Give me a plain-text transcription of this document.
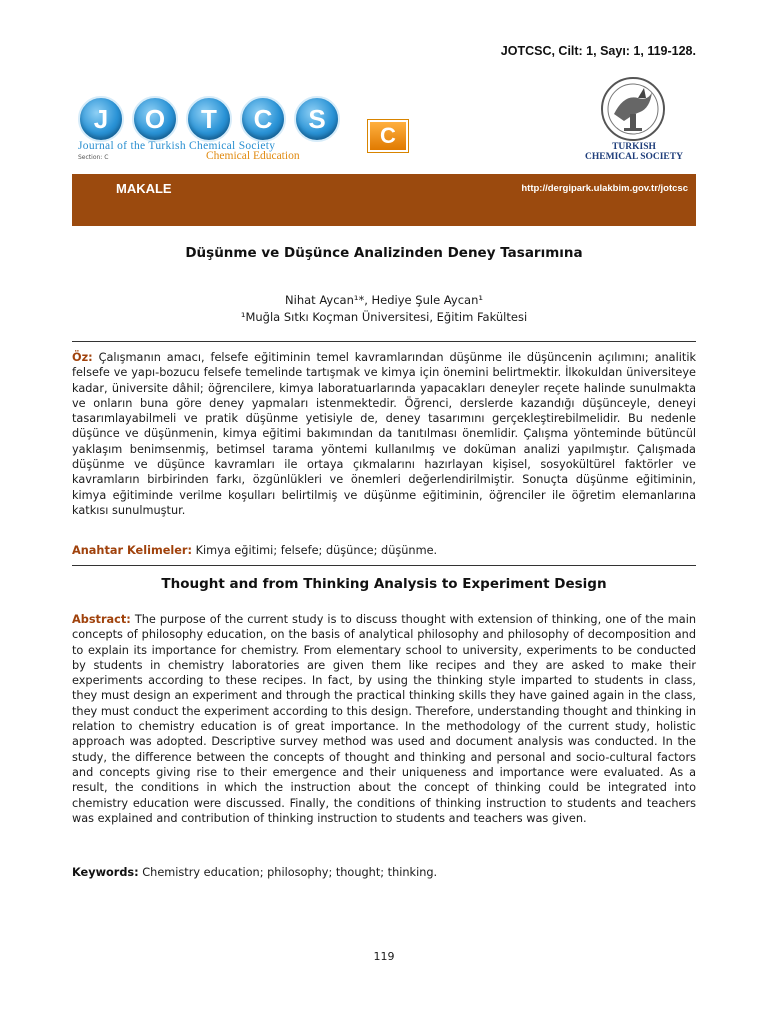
JOTCSC, Cilt: 1, Sayı: 1, 119-128.
J	O	T	C	S
C
Journal of the Turkish Chemical Society
Section: C	Chemical Education
TURKISH
CHEMICAL SOCIETY
MAKALE	http://dergipark.ulakbim.gov.tr/jotcsc
Düşünme ve Düşünce Analizinden Deney Tasarımına
Nihat Aycan¹*, Hediye Şule Aycan¹
¹Muğla Sıtkı Koçman Üniversitesi, Eğitim Fakültesi
Öz: Çalışmanın amacı, felsefe eğitiminin temel kavramlarından düşünme ile düşüncenin açılımını; analitik felsefe ve yapı-bozucu felsefe temelinde tartışmak ve kimya için önemini belirtmektir. İlkokuldan üniversiteye kadar, üniversite dâhil; öğrencilere, kimya laboratuarlarında yapacakları deneyler reçete halinde sunulmakta ve onların buna göre deney yapmaları istenmektedir. Öğrenci, derslerde kazandığı düşünceyle, deneyi tasarımlayabilmeli ve pratik düşünme yetisiyle de, deney tasarımını gerçekleştirebilmelidir. Bu nedenle düşünce ve düşünmenin, kimya eğitimi bakımından da tanıtılması önemlidir. Çalışma yönteminde bütüncül yaklaşım benimsenmiş, betimsel tarama yöntemi kullanılmış ve doküman analizi yapılmıştır. Çalışmada düşünme ve düşünce kavramları ile ortaya çıkmalarını hazırlayan kişisel, sosyokültürel faktörler ve kavramların birbirinden farkı, özgünlükleri ve önemleri değerlendirilmiştir. Sonuçta düşünme eğitiminin, kimya eğitiminde verilme koşulları belirtilmiş ve düşünme eğitiminin, öğrenciler ile öğretim elemanlarına katkısı sunulmuştur.
Anahtar Kelimeler: Kimya eğitimi; felsefe; düşünce; düşünme.
Thought and from Thinking Analysis to Experiment Design
Abstract: The purpose of the current study is to discuss thought with extension of thinking, one of the main concepts of philosophy education, on the basis of analytical philosophy and philosophy of decomposition and to explain its importance for chemistry. From elementary school to university, experiments to be conducted by students in chemistry laboratories are given them like recipes and they are asked to make their experiments according to these recipes. In fact, by using the thinking style imparted to students in class, they must design an experiment and through the practical thinking skills they have gained again in the class, they must conduct the experiment according to this design. Therefore, understanding thought and thinking in relation to chemistry education is of great importance. In the methodology of the current study, holistic approach was adopted. Descriptive survey method was used and document analysis was conducted. In the study, the difference between the concepts of thought and thinking and personal and socio-cultural factors and concepts giving rise to their emergence and their uniqueness and importance were evaluated. As a result, the conditions in which the instruction about the concept of thinking could be integrated into chemistry education were discussed. Finally, the conditions of thinking instruction to students and teachers was explained and contribution of thinking instruction to students and teachers was given.
Keywords: Chemistry education; philosophy; thought; thinking.
119
